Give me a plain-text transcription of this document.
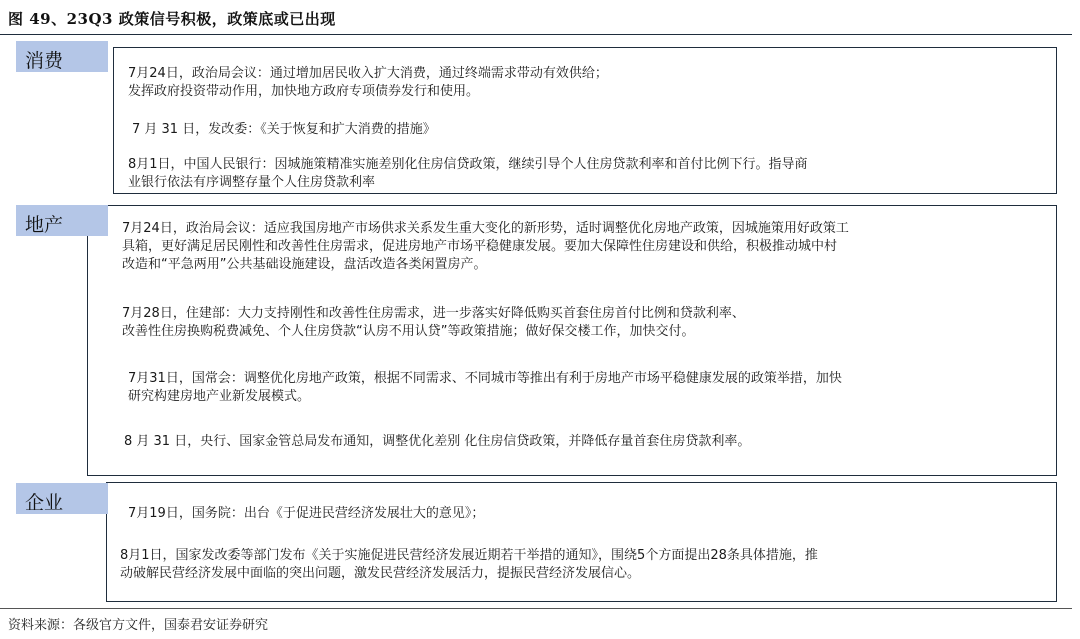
图 49、23Q3 政策信号积极，政策底或已出现
消费
7月24日，政治局会议：通过增加居民收入扩大消费，通过终端需求带动有效供给；
发挥政府投资带动作用，加快地方政府专项债券发行和使用。
7 月 31 日，发改委：《关于恢复和扩大消费的措施》
8月1日，中国人民银行：因城施策精准实施差别化住房信贷政策，继续引导个人住房贷款利率和首付比例下行。指导商
业银行依法有序调整存量个人住房贷款利率
地产	7月24日，政治局会议：适应我国房地产市场供求关系发生重大变化的新形势，适时调整优化房地产政策，因城施策用好政策工
具箱，更好满足居民刚性和改善性住房需求，促进房地产市场平稳健康发展。要加大保障性住房建设和供给，积极推动城中村
改造和“平急两用”公共基础设施建设，盘活改造各类闲置房产。
7月28日，住建部：大力支持刚性和改善性住房需求，进一步落实好降低购买首套住房首付比例和贷款利率、
改善性住房换购税费减免、个人住房贷款“认房不用认贷”等政策措施；做好保交楼工作，加快交付。
7月31日，国常会：调整优化房地产政策，根据不同需求、不同城市等推出有利于房地产市场平稳健康发展的政策举措，加快
研究构建房地产业新发展模式。
8 月 31 日，央行、国家金管总局发布通知，调整优化差别 化住房信贷政策，并降低存量首套住房贷款利率。
企业	7月19日，国务院：出台《于促进民营经济发展壮大的意见》；
8月1日，国家发改委等部门发布《关于实施促进民营经济发展近期若干举措的通知》，围绕5个方面提出28条具体措施，推
动破解民营经济发展中面临的突出问题，激发民营经济发展活力，提振民营经济发展信心。
资料来源：各级官方文件，国泰君安证券研究
